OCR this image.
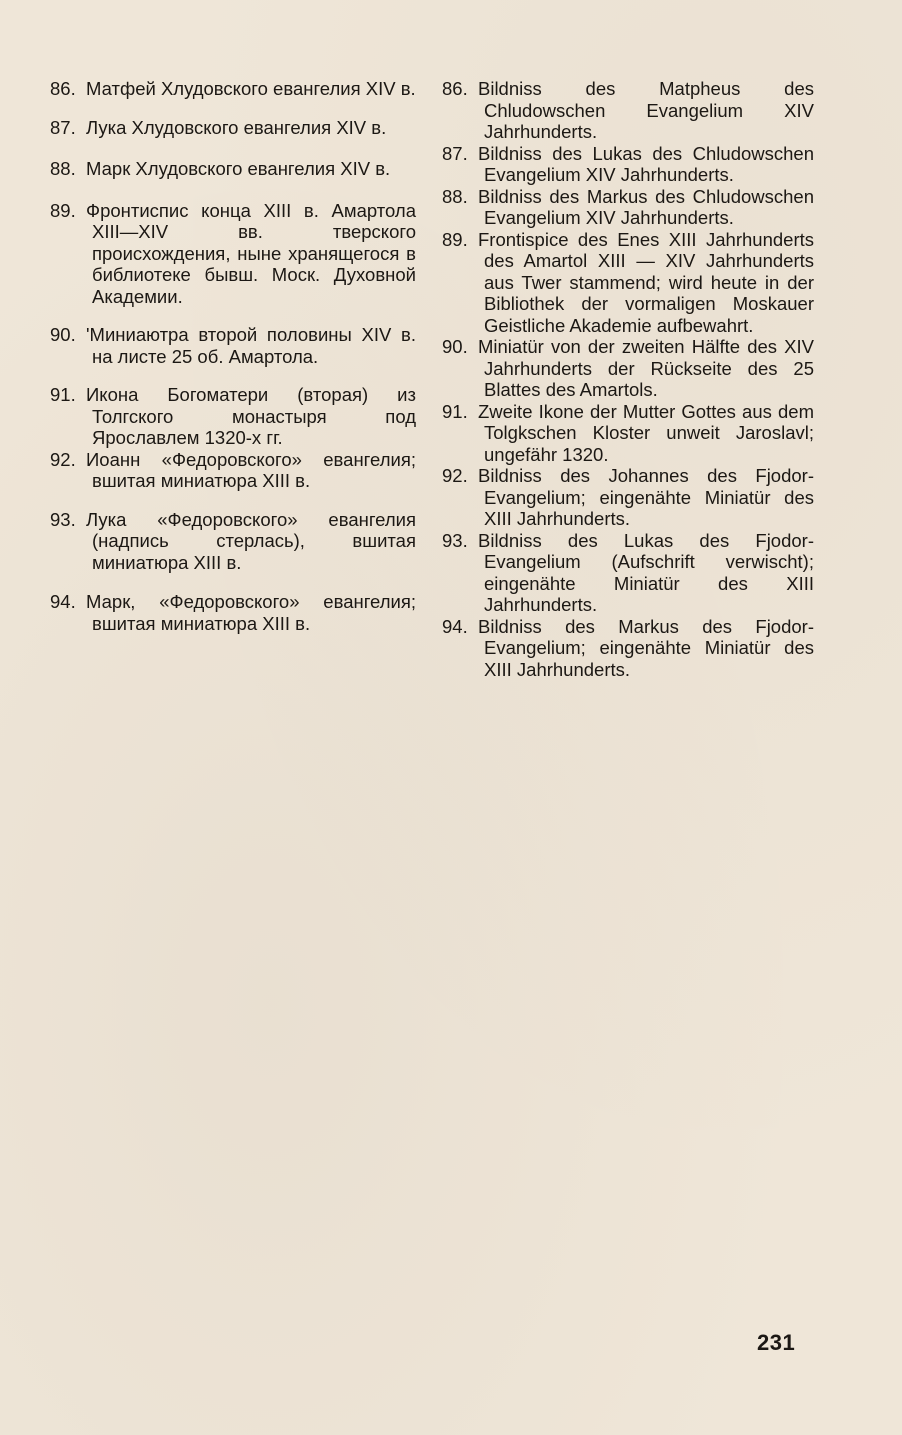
86. Матфей Хлудовского евангелия XIV в.

87. Лука Хлудовского евангелия XIV в.

88. Марк Хлудовского евангелия XIV в.

89. Фронтиспис конца XIII в. Амартола XIII—XIV вв. тверского происхождения, ныне хранящегося в библиотеке бывш. Моск. Духовной Академии.

90. 'Миниаютра второй половины XIV в. на листе 25 об. Амартола.

91. Икона Богоматери (вторая) из Толгского монастыря под Ярославлем 1320-х гг.

92. Иоанн «Федоровского» евангелия; вшитая миниатюра XIII в.

93. Лука «Федоровского» евангелия (надпись стерлась), вшитая миниатюра XIII в.

94. Марк, «Федоровского» евангелия; вшитая миниатюра XIII в.

86. Bildniss des Matpheus des Chludowschen Evangelium XIV Jahrhunderts.

87. Bildniss des Lukas des Chludowschen Evangelium XIV Jahrhunderts.

88. Bildniss des Markus des Chludowschen Evangelium XIV Jahrhunderts.

89. Frontispice des Enes XIII Jahrhunderts des Amartol XIII — XIV Jahrhunderts aus Twer stammend; wird heute in der Bibliothek der vormaligen Moskauer Geistliche Akademie aufbewahrt.

90. Miniatür von der zweiten Hälfte des XIV Jahrhunderts der Rückseite des 25 Blattes des Amartols.

91. Zweite Ikone der Mutter Gottes aus dem Tolgkschen Kloster unweit Jaroslavl; ungefähr 1320.

92. Bildniss des Johannes des Fjodor-Evangelium; eingenähte Miniatür des XIII Jahrhunderts.

93. Bildniss des Lukas des Fjodor-Evangelium (Aufschrift verwischt); eingenähte Miniatür des XIII Jahrhunderts.

94. Bildniss des Markus des Fjodor-Evangelium; eingenähte Miniatür des XIII Jahrhunderts.

231
